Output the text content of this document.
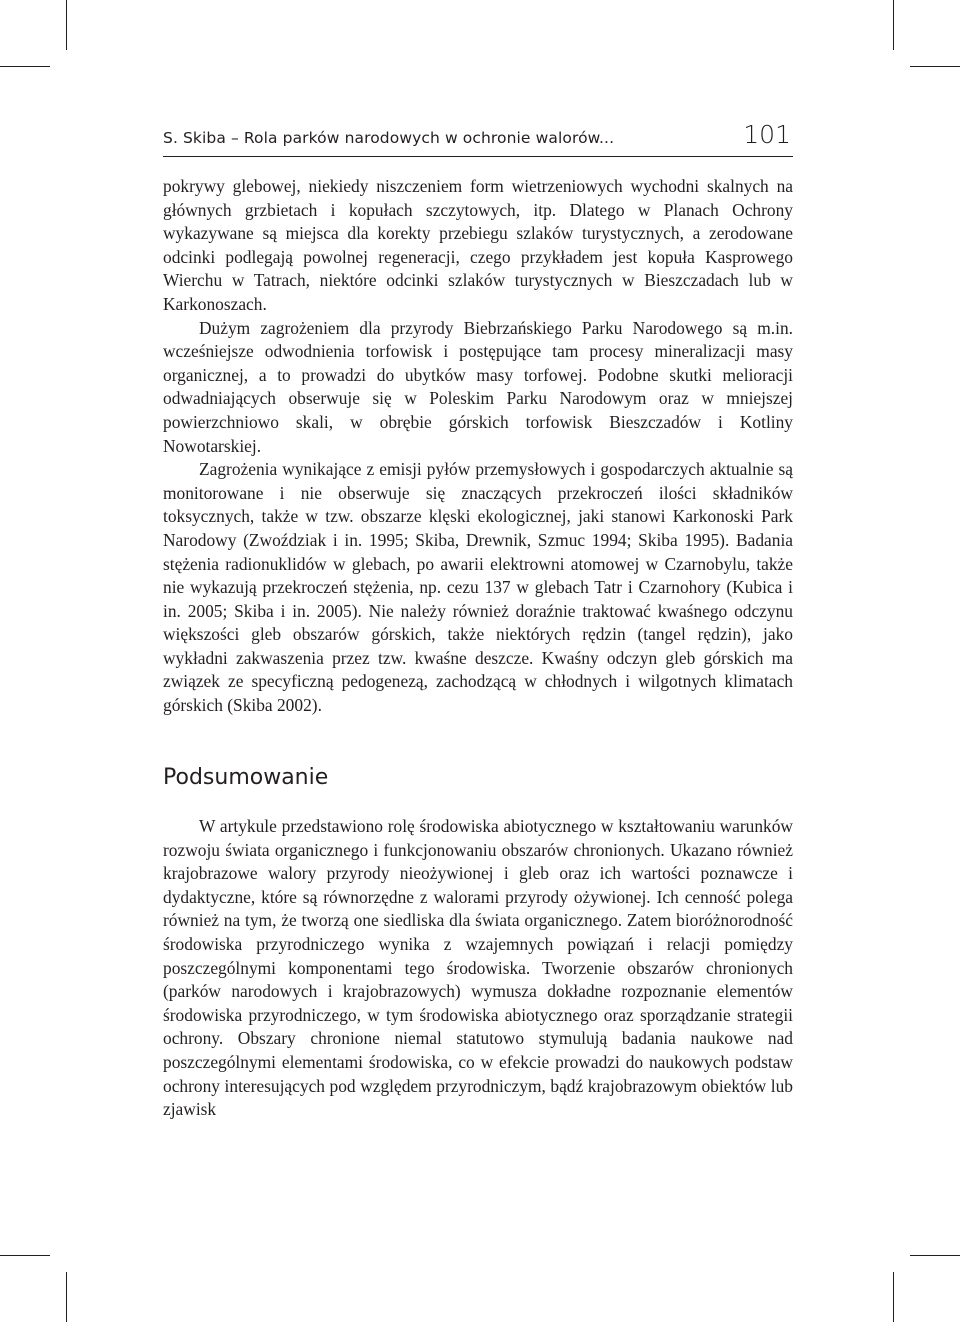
S. Skiba – Rola parków narodowych w ochronie walorów...	101

pokrywy glebowej, niekiedy niszczeniem form wietrzeniowych wychodni skalnych na głównych grzbietach i kopułach szczytowych, itp. Dlatego w Planach Ochrony wykazywane są miejsca dla korekty przebiegu szlaków turystycznych, a zerodowane odcinki podlegają powolnej regeneracji, czego przykładem jest kopuła Kasprowego Wierchu w Tatrach, niektóre odcinki szlaków turystycznych w Bieszczadach lub w Karkonoszach.

Dużym zagrożeniem dla przyrody Biebrzańskiego Parku Narodowego są m.in. wcześniejsze odwodnienia torfowisk i postępujące tam procesy mineralizacji masy organicznej, a to prowadzi do ubytków masy torfowej. Podobne skutki melioracji odwadniających obserwuje się w Poleskim Parku Narodowym oraz w mniejszej powierzchniowo skali, w obrębie górskich torfowisk Bieszczadów i Kotliny Nowotarskiej.

Zagrożenia wynikające z emisji pyłów przemysłowych i gospodarczych aktualnie są monitorowane i nie obserwuje się znaczących przekroczeń ilości składników toksycznych, także w tzw. obszarze klęski ekologicznej, jaki stanowi Karkonoski Park Narodowy (Zwoździak i in. 1995; Skiba, Drewnik, Szmuc 1994; Skiba 1995). Badania stężenia radionuklidów w glebach, po awarii elektrowni atomowej w Czarnobylu, także nie wykazują przekroczeń stężenia, np. cezu 137 w glebach Tatr i Czarnohory (Kubica i in. 2005; Skiba i in. 2005). Nie należy również doraźnie traktować kwaśnego odczynu większości gleb obszarów górskich, także niektórych rędzin (tangel rędzin), jako wykładni zakwaszenia przez tzw. kwaśne deszcze. Kwaśny odczyn gleb górskich ma związek ze specyficzną pedogenezą, zachodzącą w chłodnych i wilgotnych klimatach górskich (Skiba 2002).

Podsumowanie

W artykule przedstawiono rolę środowiska abiotycznego w kształtowaniu warunków rozwoju świata organicznego i funkcjonowaniu obszarów chronionych. Ukazano również krajobrazowe walory przyrody nieożywionej i gleb oraz ich wartości poznawcze i dydaktyczne, które są równorzędne z walorami przyrody ożywionej. Ich cenność polega również na tym, że tworzą one siedliska dla świata organicznego. Zatem bioróżnorodność środowiska przyrodniczego wynika z wzajemnych powiązań i relacji pomiędzy poszczególnymi komponentami tego środowiska. Tworzenie obszarów chronionych (parków narodowych i krajobrazowych) wymusza dokładne rozpoznanie elementów środowiska przyrodniczego, w tym środowiska abiotycznego oraz sporządzanie strategii ochrony. Obszary chronione niemal statutowo stymulują badania naukowe nad poszczególnymi elementami środowiska, co w efekcie prowadzi do naukowych podstaw ochrony interesujących pod względem przyrodniczym, bądź krajobrazowym obiektów lub zjawisk
